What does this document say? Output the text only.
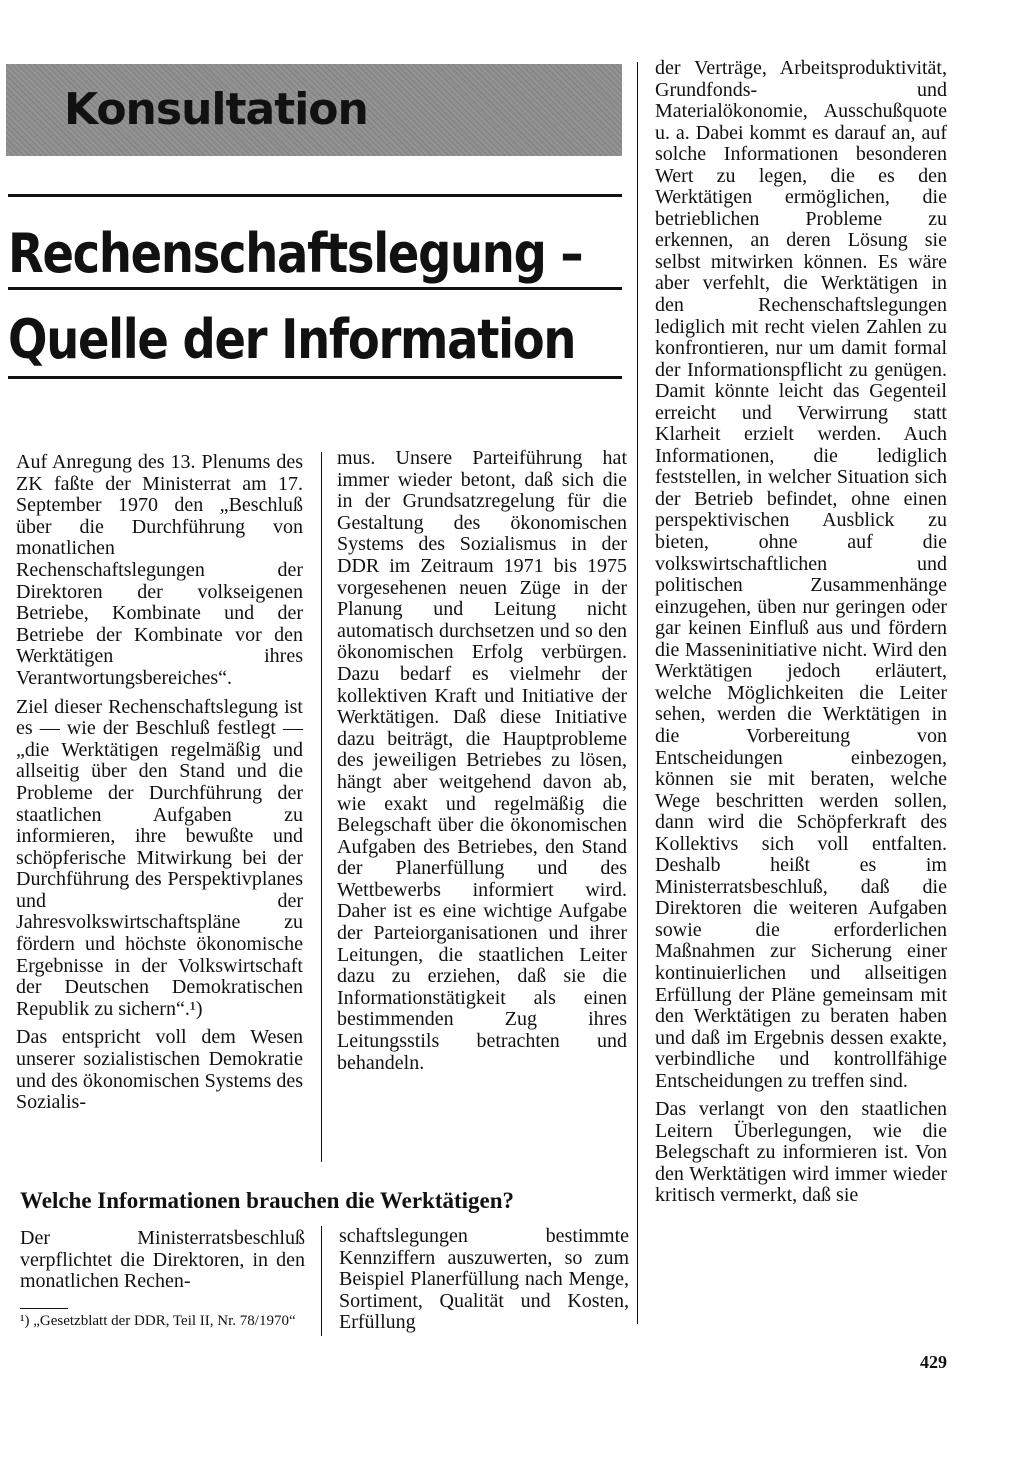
Konsultation
Rechenschaftslegung –
Quelle der Information

Auf Anregung des 13. Plenums des ZK faßte der Ministerrat am 17. September 1970 den „Beschluß über die Durchführung von monatlichen Rechenschaftslegungen der Direktoren der volkseigenen Betriebe, Kombinate und der Betriebe der Kombinate vor den Werktätigen ihres Verantwortungsbereiches“.

Ziel dieser Rechenschaftslegung ist es — wie der Beschluß festlegt — „die Werktätigen regelmäßig und allseitig über den Stand und die Probleme der Durchführung der staatlichen Aufgaben zu informieren, ihre bewußte und schöpferische Mitwirkung bei der Durchführung des Perspektivplanes und der Jahresvolkswirtschaftspläne zu fördern und höchste ökonomische Ergebnisse in der Volkswirtschaft der Deutschen Demokratischen Republik zu sichern“.¹)

Das entspricht voll dem Wesen unserer sozialistischen Demokratie und des ökonomischen Systems des Sozialis-

mus. Unsere Parteiführung hat immer wieder betont, daß sich die in der Grundsatzregelung für die Gestaltung des ökonomischen Systems des Sozialismus in der DDR im Zeitraum 1971 bis 1975 vorgesehenen neuen Züge in der Planung und Leitung nicht automatisch durchsetzen und so den ökonomischen Erfolg verbürgen. Dazu bedarf es vielmehr der kollektiven Kraft und Initiative der Werktätigen. Daß diese Initiative dazu beiträgt, die Hauptprobleme des jeweiligen Betriebes zu lösen, hängt aber weitgehend davon ab, wie exakt und regelmäßig die Belegschaft über die ökonomischen Aufgaben des Betriebes, den Stand der Planerfüllung und des Wettbewerbs informiert wird. Daher ist es eine wichtige Aufgabe der Parteiorganisationen und ihrer Leitungen, die staatlichen Leiter dazu zu erziehen, daß sie die Informationstätigkeit als einen bestimmenden Zug ihres Leitungsstils betrachten und behandeln.

Welche Informationen brauchen die Werktätigen?

Der Ministerratsbeschluß verpflichtet die Direktoren, in den monatlichen Rechen-

¹) „Gesetzblatt der DDR, Teil II, Nr. 78/1970“

schaftslegungen bestimmte Kennziffern auszuwerten, so zum Beispiel Planerfüllung nach Menge, Sortiment, Qualität und Kosten, Erfüllung

der Verträge, Arbeitsproduktivität, Grundfonds- und Materialökonomie, Ausschußquote u. a. Dabei kommt es darauf an, auf solche Informationen besonderen Wert zu legen, die es den Werktätigen ermöglichen, die betrieblichen Probleme zu erkennen, an deren Lösung sie selbst mitwirken können. Es wäre aber verfehlt, die Werktätigen in den Rechenschaftslegungen lediglich mit recht vielen Zahlen zu konfrontieren, nur um damit formal der Informationspflicht zu genügen. Damit könnte leicht das Gegenteil erreicht und Verwirrung statt Klarheit erzielt werden. Auch Informationen, die lediglich feststellen, in welcher Situation sich der Betrieb befindet, ohne einen perspektivischen Ausblick zu bieten, ohne auf die volkswirtschaftlichen und politischen Zusammenhänge einzugehen, üben nur geringen oder gar keinen Einfluß aus und fördern die Masseninitiative nicht. Wird den Werktätigen jedoch erläutert, welche Möglichkeiten die Leiter sehen, werden die Werktätigen in die Vorbereitung von Entscheidungen einbezogen, können sie mit beraten, welche Wege beschritten werden sollen, dann wird die Schöpferkraft des Kollektivs sich voll entfalten. Deshalb heißt es im Ministerratsbeschluß, daß die Direktoren die weiteren Aufgaben sowie die erforderlichen Maßnahmen zur Sicherung einer kontinuierlichen und allseitigen Erfüllung der Pläne gemeinsam mit den Werktätigen zu beraten haben und daß im Ergebnis dessen exakte, verbindliche und kontrollfähige Entscheidungen zu treffen sind.

Das verlangt von den staatlichen Leitern Überlegungen, wie die Belegschaft zu informieren ist. Von den Werktätigen wird immer wieder kritisch vermerkt, daß sie

429
